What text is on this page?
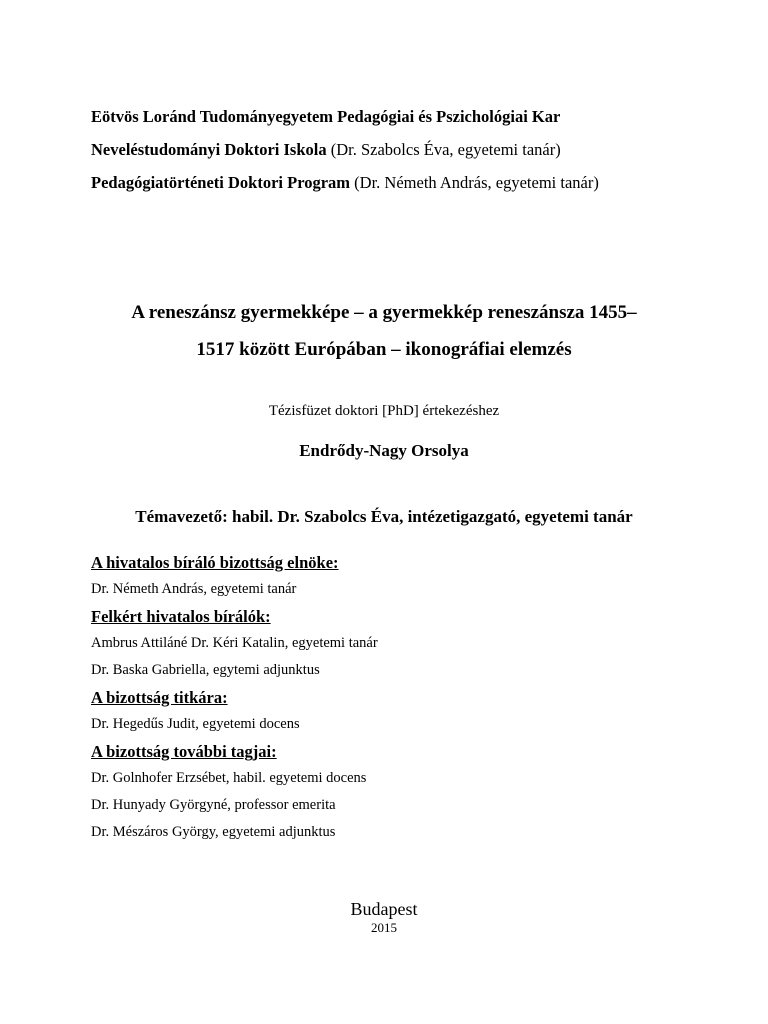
Eötvös Loránd Tudományegyetem Pedagógiai és Pszichológiai Kar
Neveléstudományi Doktori Iskola (Dr. Szabolcs Éva, egyetemi tanár)
Pedagógiatörténeti Doktori Program (Dr. Németh András, egyetemi tanár)
A reneszánsz gyermekképe – a gyermekkép reneszánsza 1455–
1517 között Európában – ikonográfiai elemzés
Tézisfüzet doktori [PhD] értekezéshez
Endrődy-Nagy Orsolya
Témavezető: habil. Dr. Szabolcs Éva, intézetigazgató, egyetemi tanár
A hivatalos bíráló bizottság elnöke:
Dr. Németh András, egyetemi tanár
Felkért hivatalos bírálók:
Ambrus Attiláné Dr. Kéri Katalin, egyetemi tanár
Dr. Baska Gabriella, egytemi adjunktus
A bizottság titkára:
Dr. Hegedűs Judit, egyetemi docens
A bizottság további tagjai:
Dr. Golnhofer Erzsébet, habil. egyetemi docens
Dr. Hunyady Györgyné, professor emerita
Dr. Mészáros György, egyetemi adjunktus
Budapest
2015
